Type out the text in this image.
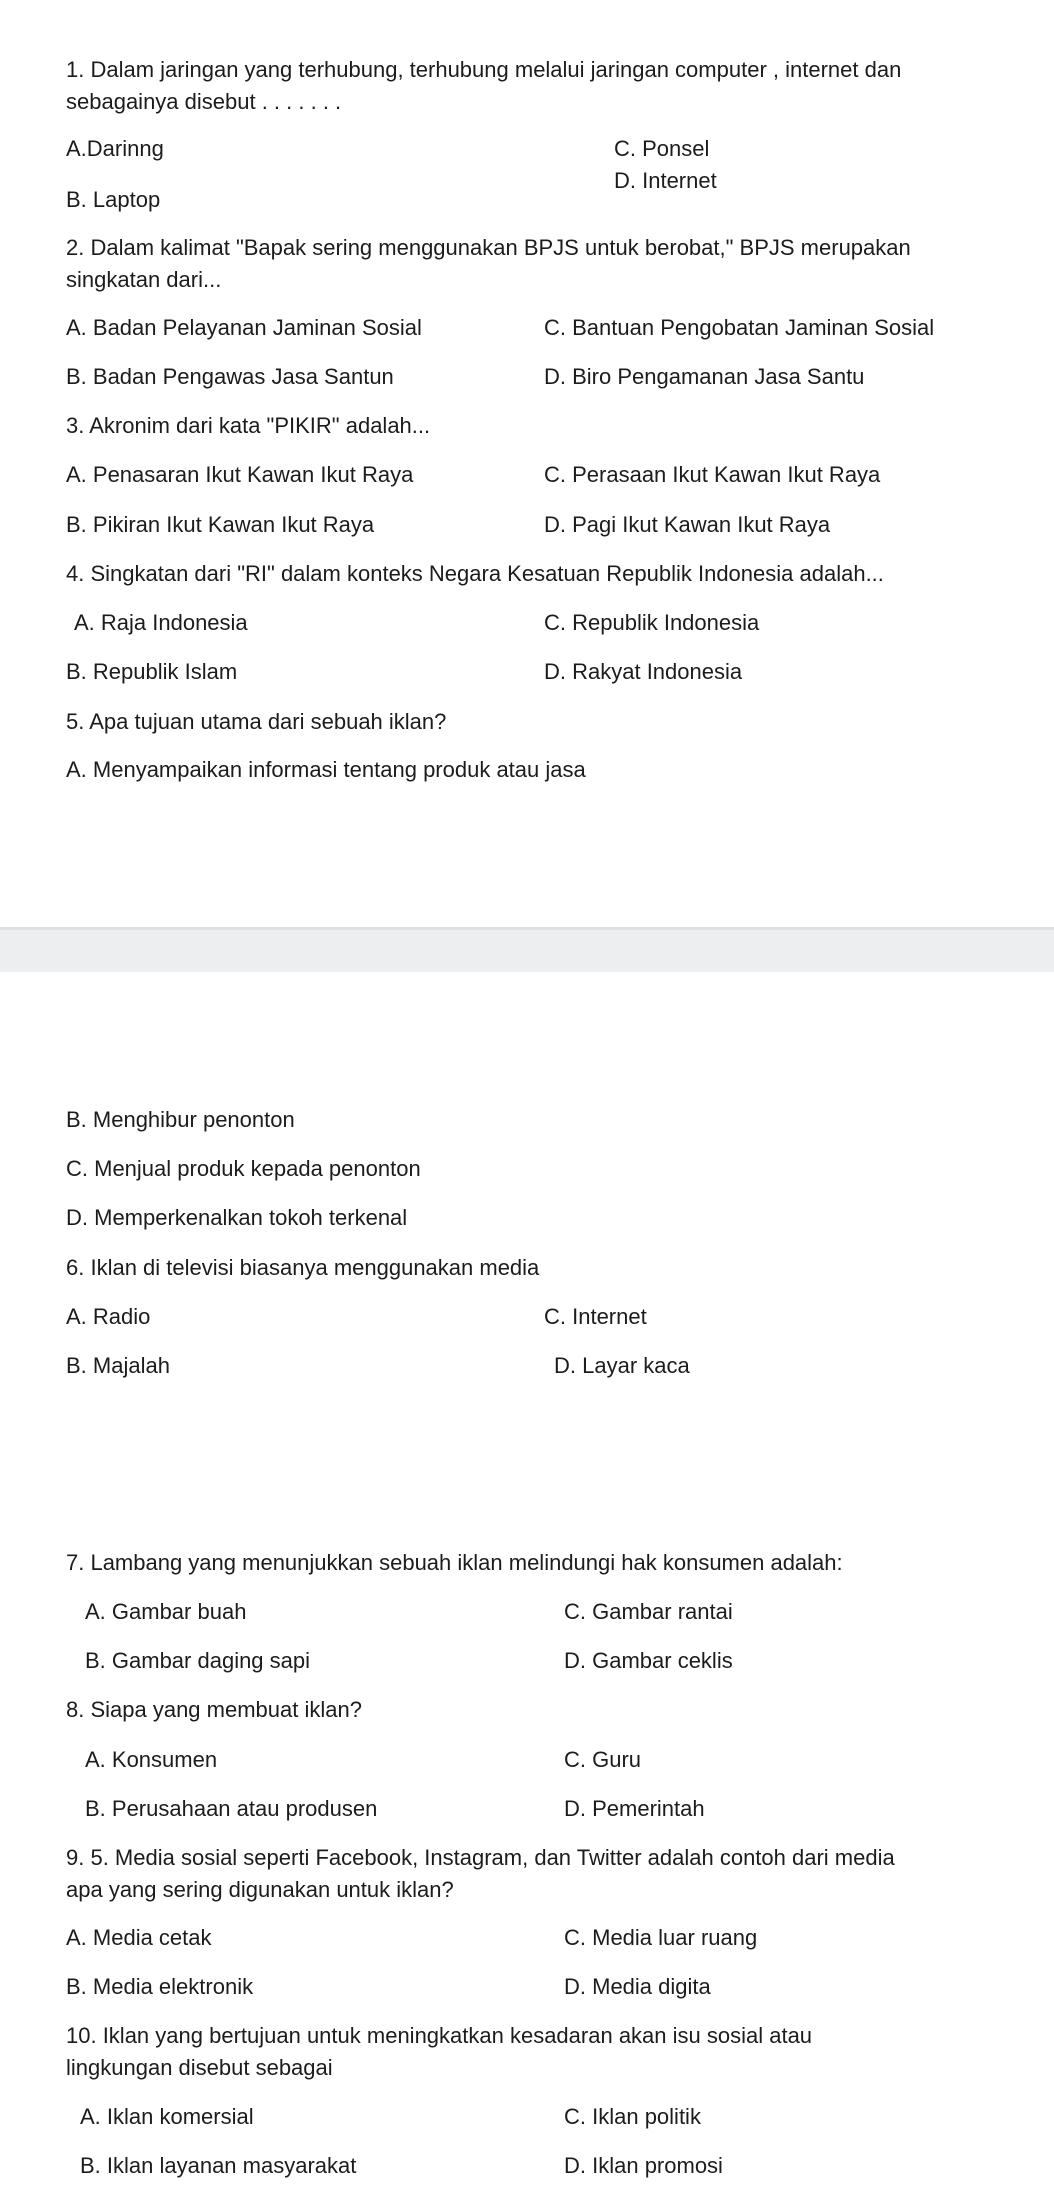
1. Dalam jaringan yang terhubung, terhubung melalui jaringan computer , internet dan
sebagainya disebut . . . . . . .
A.Darinng	C. Ponsel
D. Internet
B. Laptop
2. Dalam kalimat "Bapak sering menggunakan BPJS untuk berobat," BPJS merupakan
singkatan dari...
A. Badan Pelayanan Jaminan Sosial	C. Bantuan Pengobatan Jaminan Sosial
B. Badan Pengawas Jasa Santun	D. Biro Pengamanan Jasa Santu
3. Akronim dari kata "PIKIR" adalah...
A. Penasaran Ikut Kawan Ikut Raya	C. Perasaan Ikut Kawan Ikut Raya
B. Pikiran Ikut Kawan Ikut Raya	D. Pagi Ikut Kawan Ikut Raya
4. Singkatan dari "RI" dalam konteks Negara Kesatuan Republik Indonesia adalah...
A. Raja Indonesia	C. Republik Indonesia
B. Republik Islam	D. Rakyat Indonesia
5. Apa tujuan utama dari sebuah iklan?
A. Menyampaikan informasi tentang produk atau jasa
B. Menghibur penonton
C. Menjual produk kepada penonton
D. Memperkenalkan tokoh terkenal
6. Iklan di televisi biasanya menggunakan media
A. Radio	C. Internet
B. Majalah	D. Layar kaca
7. Lambang yang menunjukkan sebuah iklan melindungi hak konsumen adalah:
A. Gambar buah	C. Gambar rantai
B. Gambar daging sapi	D. Gambar ceklis
8. Siapa yang membuat iklan?
A. Konsumen	C. Guru
B. Perusahaan atau produsen	D. Pemerintah
9. 5. Media sosial seperti Facebook, Instagram, dan Twitter adalah contoh dari media
apa yang sering digunakan untuk iklan?
A. Media cetak	C. Media luar ruang
B. Media elektronik	D. Media digita
10. Iklan yang bertujuan untuk meningkatkan kesadaran akan isu sosial atau
lingkungan disebut sebagai
A. Iklan komersial	C. Iklan politik
B. Iklan layanan masyarakat	D. Iklan promosi
